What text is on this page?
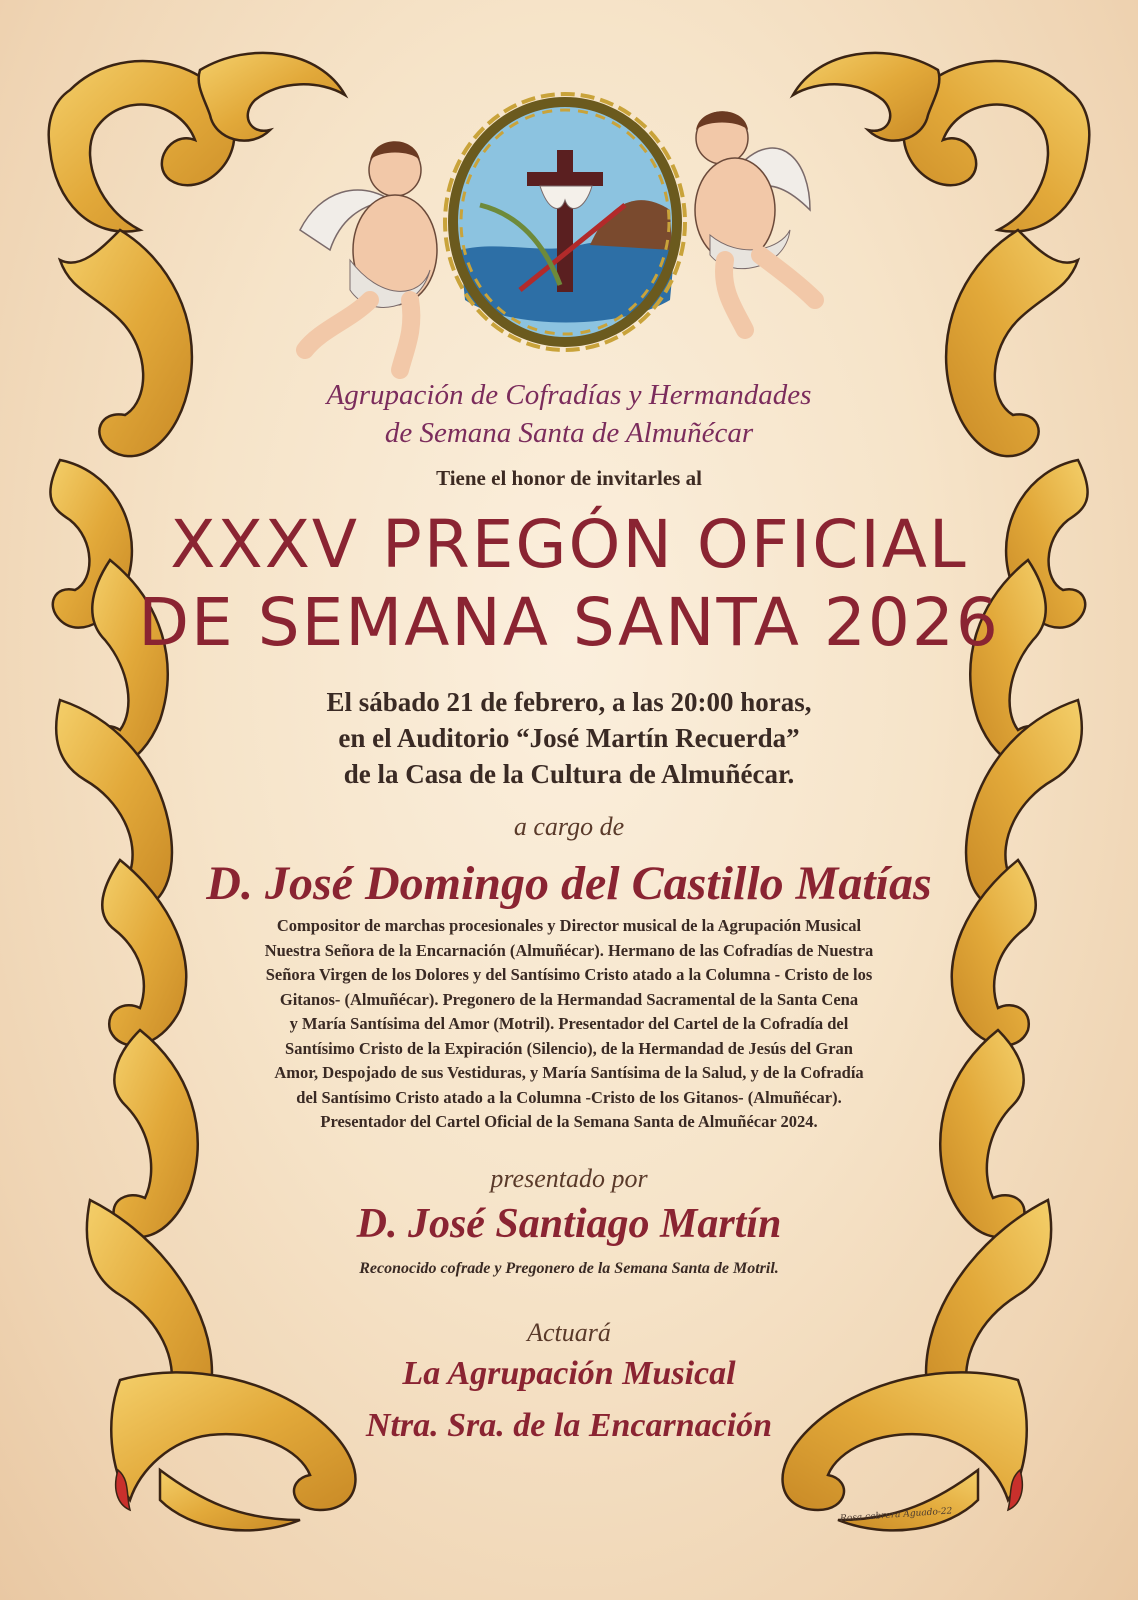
Agrupación de Cofradías y Hermandades
de Semana Santa de Almuñécar
Tiene el honor de invitarles al
XXXV PREGÓN OFICIAL
DE SEMANA SANTA 2026
El sábado 21 de febrero, a las 20:00 horas,
en el Auditorio “José Martín Recuerda”
de la Casa de la Cultura de Almuñécar.
a cargo de
D. José Domingo del Castillo Matías
Compositor de marchas procesionales y Director musical de la Agrupación Musical
Nuestra Señora de la Encarnación (Almuñécar). Hermano de las Cofradías de Nuestra
Señora Virgen de los Dolores y del Santísimo Cristo atado a la Columna - Cristo de los
Gitanos- (Almuñécar). Pregonero de la Hermandad Sacramental de la Santa Cena
y María Santísima del Amor (Motril). Presentador del Cartel de la Cofradía del
Santísimo Cristo de la Expiración (Silencio), de la Hermandad de Jesús del Gran
Amor, Despojado de sus Vestiduras, y María Santísima de la Salud, y de la Cofradía
del Santísimo Cristo atado a la Columna -Cristo de los Gitanos- (Almuñécar).
Presentador del Cartel Oficial de la Semana Santa de Almuñécar 2024.
presentado por
D. José Santiago Martín
Reconocido cofrade y Pregonero de la Semana Santa de Motril.
Actuará
La Agrupación Musical
Ntra. Sra. de la Encarnación
Rosa cabrera Aguado-22
